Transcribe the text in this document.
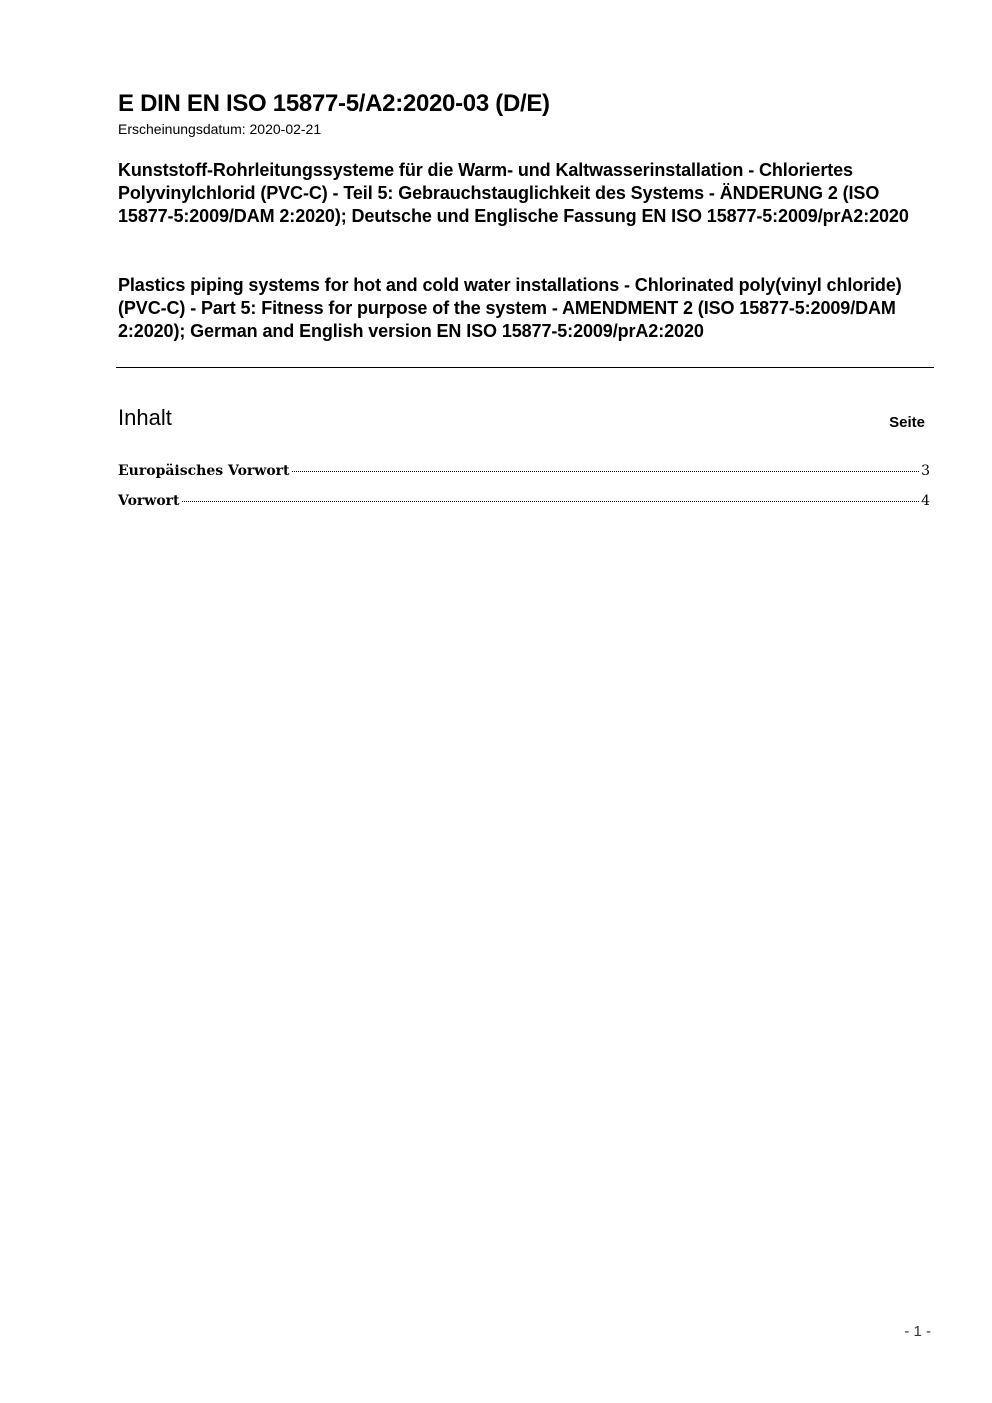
E DIN EN ISO 15877-5/A2:2020-03 (D/E)
Erscheinungsdatum: 2020-02-21

Kunststoff-Rohrleitungssysteme für die Warm- und Kaltwasserinstallation - Chloriertes Polyvinylchlorid (PVC-C) - Teil 5: Gebrauchstauglichkeit des Systems - ÄNDERUNG 2 (ISO 15877-5:2009/DAM 2:2020); Deutsche und Englische Fassung EN ISO 15877-5:2009/prA2:2020

Plastics piping systems for hot and cold water installations - Chlorinated poly(vinyl chloride) (PVC-C) - Part 5: Fitness for purpose of the system - AMENDMENT 2 (ISO 15877-5:2009/DAM 2:2020); German and English version EN ISO 15877-5:2009/prA2:2020

Inhalt	Seite
Europäisches Vorwort	3
Vorwort	4
- 1 -
